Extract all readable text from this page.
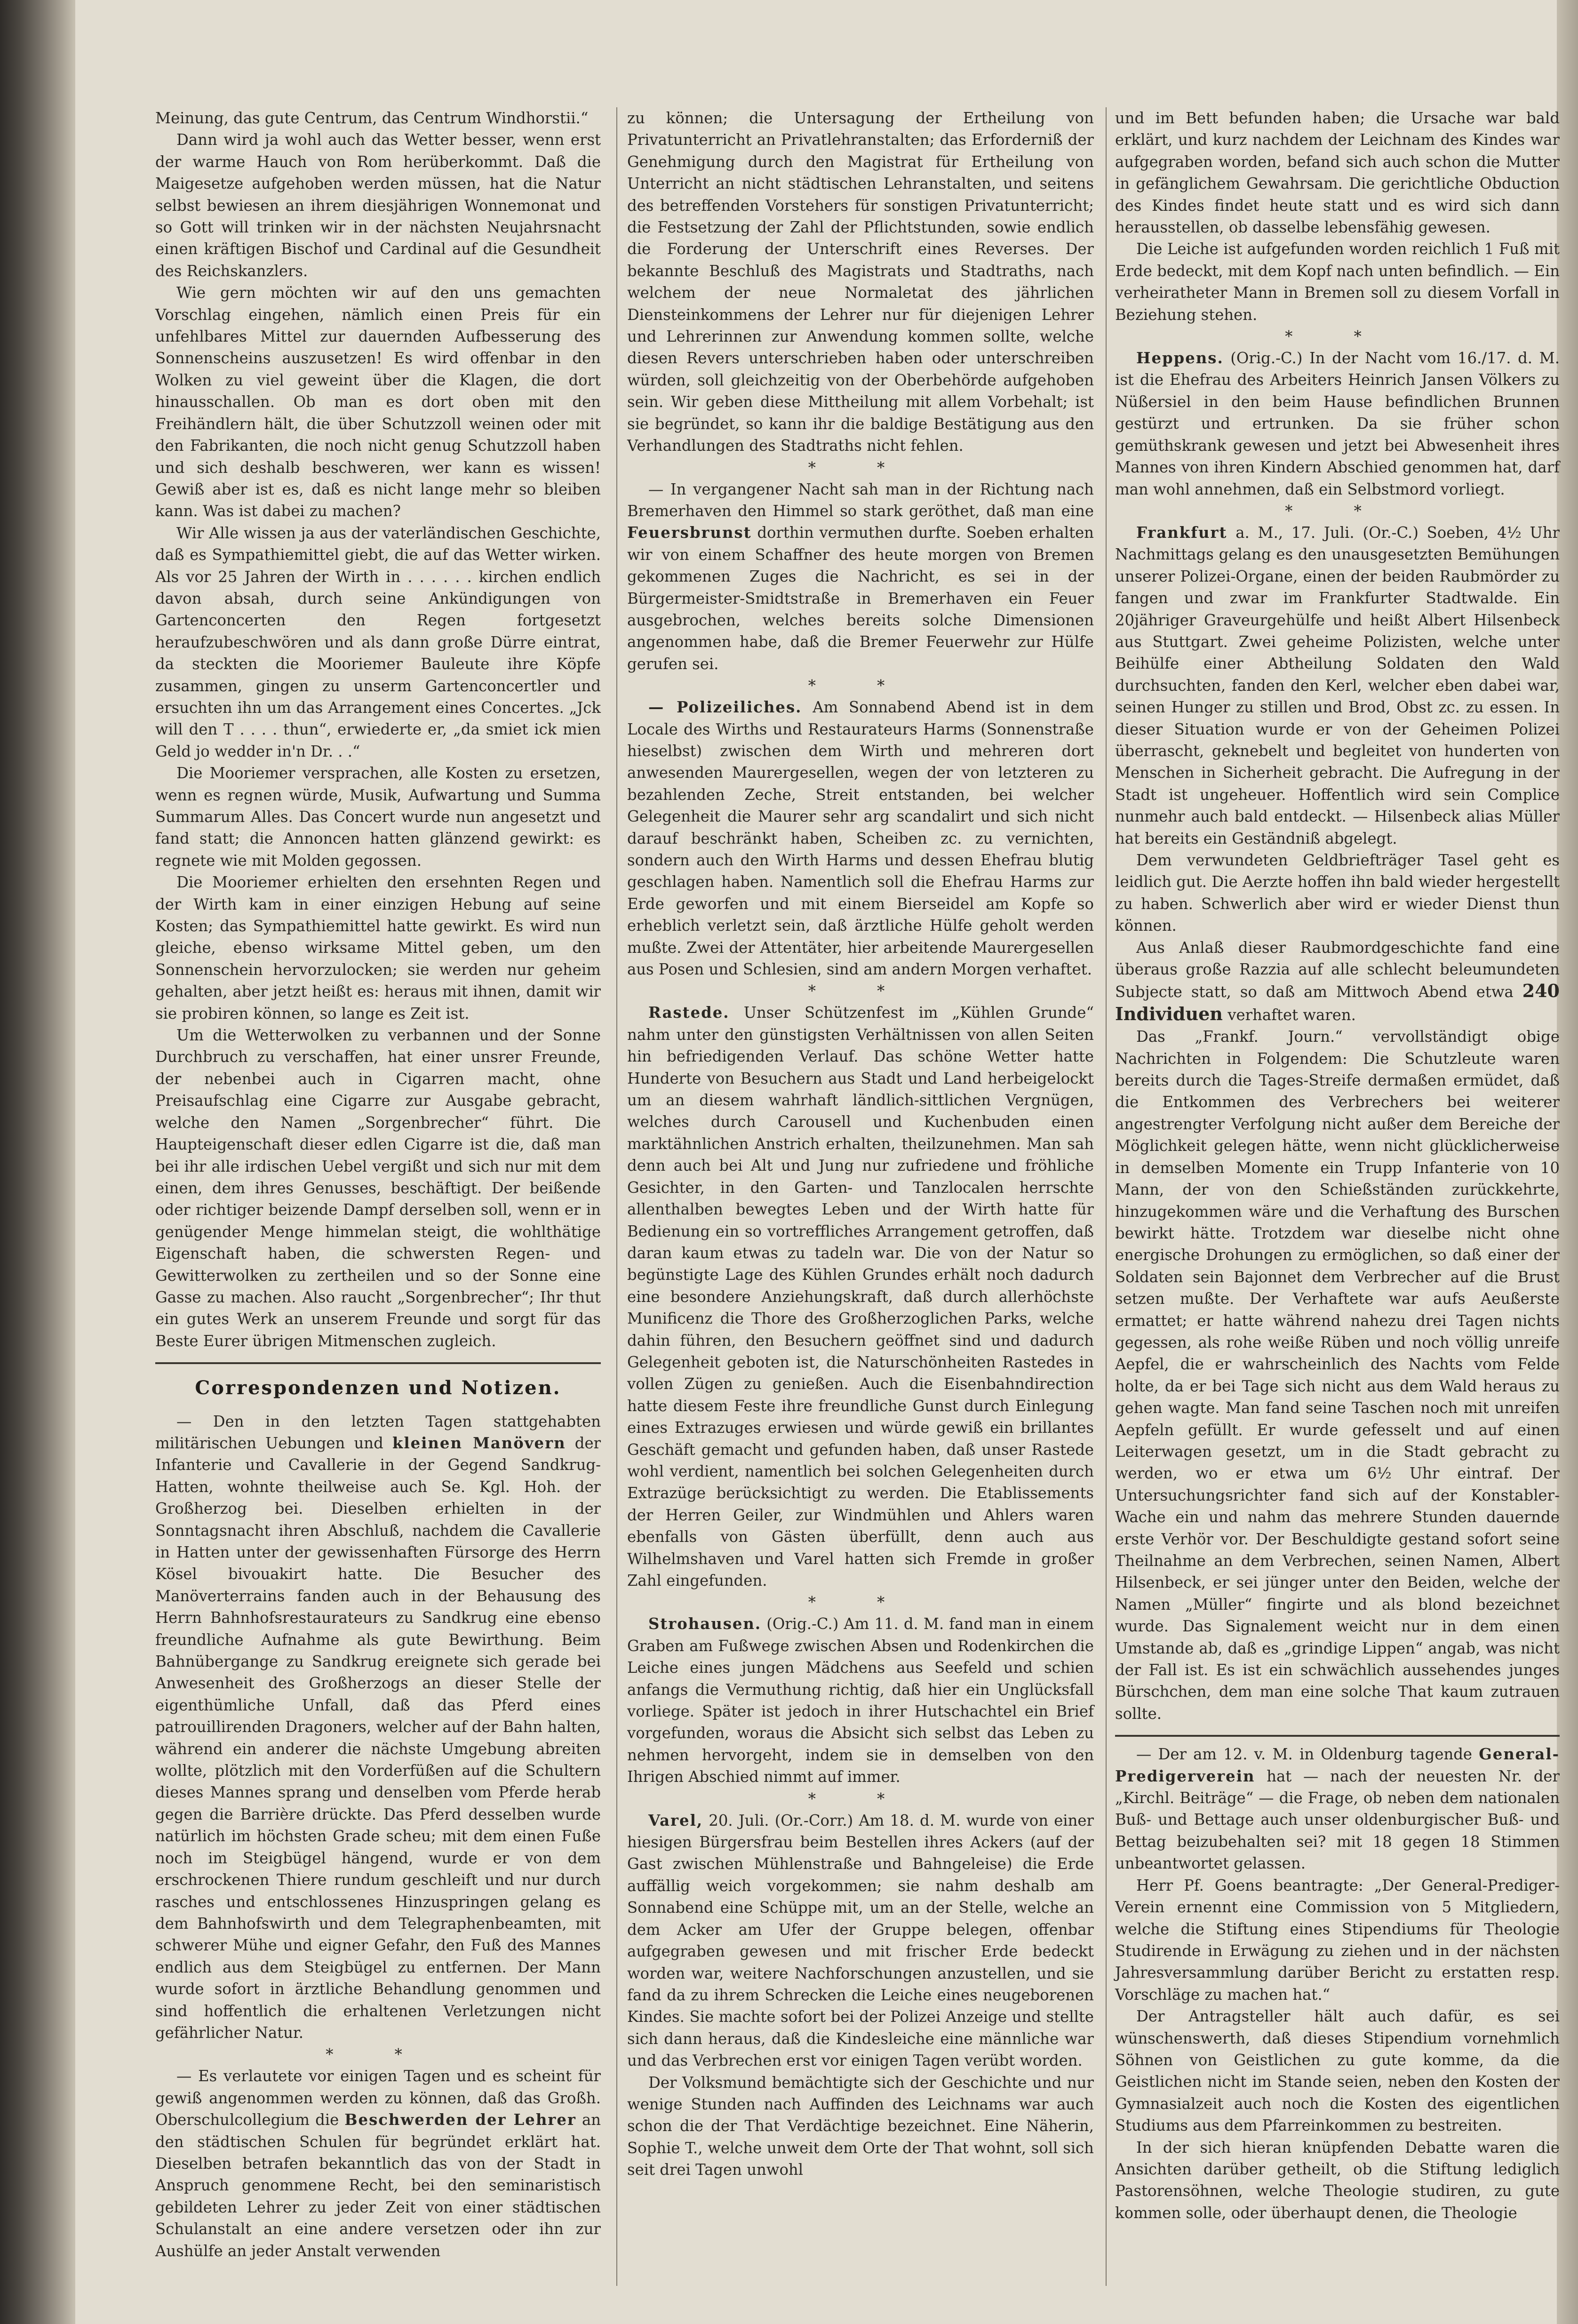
Meinung, das gute Centrum, das Centrum Windhorstii.“

Dann wird ja wohl auch das Wetter besser, wenn erst der warme Hauch von Rom herüberkommt. Daß die Maigesetze aufgehoben werden müssen, hat die Natur selbst bewiesen an ihrem diesjährigen Wonnemonat und so Gott will trinken wir in der nächsten Neujahrsnacht einen kräftigen Bischof und Cardinal auf die Gesundheit des Reichskanzlers.

Wie gern möchten wir auf den uns gemachten Vorschlag eingehen, nämlich einen Preis für ein unfehlbares Mittel zur dauernden Aufbesserung des Sonnenscheins auszusetzen! Es wird offenbar in den Wolken zu viel geweint über die Klagen, die dort hinausschallen. Ob man es dort oben mit den Freihändlern hält, die über Schutzzoll weinen oder mit den Fabrikanten, die noch nicht genug Schutzzoll haben und sich deshalb beschweren, wer kann es wissen! Gewiß aber ist es, daß es nicht lange mehr so bleiben kann. Was ist dabei zu machen?

Wir Alle wissen ja aus der vaterländischen Geschichte, daß es Sympathiemittel giebt, die auf das Wetter wirken. Als vor 25 Jahren der Wirth in . . . . . . kirchen endlich davon absah, durch seine Ankündigungen von Gartenconcerten den Regen fortgesetzt heraufzubeschwören und als dann große Dürre eintrat, da steckten die Mooriemer Bauleute ihre Köpfe zusammen, gingen zu unserm Gartenconcertler und ersuchten ihn um das Arrangement eines Concertes. „Jck will den T . . . . thun“, erwiederte er, „da smiet ick mien Geld jo wedder in'n Dr. . .“

Die Mooriemer versprachen, alle Kosten zu ersetzen, wenn es regnen würde, Musik, Aufwartung und Summa Summarum Alles. Das Concert wurde nun angesetzt und fand statt; die Annoncen hatten glänzend gewirkt: es regnete wie mit Molden gegossen.

Die Mooriemer erhielten den ersehnten Regen und der Wirth kam in einer einzigen Hebung auf seine Kosten; das Sympathiemittel hatte gewirkt. Es wird nun gleiche, ebenso wirksame Mittel geben, um den Sonnenschein hervorzulocken; sie werden nur geheim gehalten, aber jetzt heißt es: heraus mit ihnen, damit wir sie probiren können, so lange es Zeit ist.

Um die Wetterwolken zu verbannen und der Sonne Durchbruch zu verschaffen, hat einer unsrer Freunde, der nebenbei auch in Cigarren macht, ohne Preisaufschlag eine Cigarre zur Ausgabe gebracht, welche den Namen „Sorgenbrecher“ führt. Die Haupteigenschaft dieser edlen Cigarre ist die, daß man bei ihr alle irdischen Uebel vergißt und sich nur mit dem einen, dem ihres Genusses, beschäftigt. Der beißende oder richtiger beizende Dampf derselben soll, wenn er in genügender Menge himmelan steigt, die wohlthätige Eigenschaft haben, die schwersten Regen- und Gewitterwolken zu zertheilen und so der Sonne eine Gasse zu machen. Also raucht „Sorgenbrecher“; Ihr thut ein gutes Werk an unserem Freunde und sorgt für das Beste Eurer übrigen Mitmenschen zugleich.

Correspondenzen und Notizen.

— Den in den letzten Tagen stattgehabten militärischen Uebungen und kleinen Manövern der Infanterie und Cavallerie in der Gegend Sandkrug-Hatten, wohnte theilweise auch Se. Kgl. Hoh. der Großherzog bei. Dieselben erhielten in der Sonntagsnacht ihren Abschluß, nachdem die Cavallerie in Hatten unter der gewissenhaften Fürsorge des Herrn Kösel bivouakirt hatte. Die Besucher des Manöverterrains fanden auch in der Behausung des Herrn Bahnhofsrestaurateurs zu Sandkrug eine ebenso freundliche Aufnahme als gute Bewirthung. Beim Bahnübergange zu Sandkrug ereignete sich gerade bei Anwesenheit des Großherzogs an dieser Stelle der eigenthümliche Unfall, daß das Pferd eines patrouillirenden Dragoners, welcher auf der Bahn halten, während ein anderer die nächste Umgebung abreiten wollte, plötzlich mit den Vorderfüßen auf die Schultern dieses Mannes sprang und denselben vom Pferde herab gegen die Barrière drückte. Das Pferd desselben wurde natürlich im höchsten Grade scheu; mit dem einen Fuße noch im Steigbügel hängend, wurde er von dem erschrockenen Thiere rundum geschleift und nur durch rasches und entschlossenes Hinzuspringen gelang es dem Bahnhofswirth und dem Telegraphenbeamten, mit schwerer Mühe und eigner Gefahr, den Fuß des Mannes endlich aus dem Steigbügel zu entfernen. Der Mann wurde sofort in ärztliche Behandlung genommen und sind hoffentlich die erhaltenen Verletzungen nicht gefährlicher Natur.

* *

— Es verlautete vor einigen Tagen und es scheint für gewiß angenommen werden zu können, daß das Großh. Oberschulcollegium die Beschwerden der Lehrer an den städtischen Schulen für begründet erklärt hat. Dieselben betrafen bekanntlich das von der Stadt in Anspruch genommene Recht, bei den seminaristisch gebildeten Lehrer zu jeder Zeit von einer städtischen Schulanstalt an eine andere versetzen oder ihn zur Aushülfe an jeder Anstalt verwenden

zu können; die Untersagung der Ertheilung von Privatunterricht an Privatlehranstalten; das Erforderniß der Genehmigung durch den Magistrat für Ertheilung von Unterricht an nicht städtischen Lehranstalten, und seitens des betreffenden Vorstehers für sonstigen Privatunterricht; die Festsetzung der Zahl der Pflichtstunden, sowie endlich die Forderung der Unterschrift eines Reverses. Der bekannte Beschluß des Magistrats und Stadtraths, nach welchem der neue Normaletat des jährlichen Diensteinkommens der Lehrer nur für diejenigen Lehrer und Lehrerinnen zur Anwendung kommen sollte, welche diesen Revers unterschrieben haben oder unterschreiben würden, soll gleichzeitig von der Oberbehörde aufgehoben sein. Wir geben diese Mittheilung mit allem Vorbehalt; ist sie begründet, so kann ihr die baldige Bestätigung aus den Verhandlungen des Stadtraths nicht fehlen.

* *

— In vergangener Nacht sah man in der Richtung nach Bremerhaven den Himmel so stark geröthet, daß man eine Feuersbrunst dorthin vermuthen durfte. Soeben erhalten wir von einem Schaffner des heute morgen von Bremen gekommenen Zuges die Nachricht, es sei in der Bürgermeister-Smidtstraße in Bremerhaven ein Feuer ausgebrochen, welches bereits solche Dimensionen angenommen habe, daß die Bremer Feuerwehr zur Hülfe gerufen sei.

* *

— Polizeiliches. Am Sonnabend Abend ist in dem Locale des Wirths und Restaurateurs Harms (Sonnenstraße hieselbst) zwischen dem Wirth und mehreren dort anwesenden Maurergesellen, wegen der von letzteren zu bezahlenden Zeche, Streit entstanden, bei welcher Gelegenheit die Maurer sehr arg scandalirt und sich nicht darauf beschränkt haben, Scheiben zc. zu vernichten, sondern auch den Wirth Harms und dessen Ehefrau blutig geschlagen haben. Namentlich soll die Ehefrau Harms zur Erde geworfen und mit einem Bierseidel am Kopfe so erheblich verletzt sein, daß ärztliche Hülfe geholt werden mußte. Zwei der Attentäter, hier arbeitende Maurergesellen aus Posen und Schlesien, sind am andern Morgen verhaftet.

* *

Rastede. Unser Schützenfest im „Kühlen Grunde“ nahm unter den günstigsten Verhältnissen von allen Seiten hin befriedigenden Verlauf. Das schöne Wetter hatte Hunderte von Besuchern aus Stadt und Land herbeigelockt um an diesem wahrhaft ländlich-sittlichen Vergnügen, welches durch Carousell und Kuchenbuden einen marktähnlichen Anstrich erhalten, theilzunehmen. Man sah denn auch bei Alt und Jung nur zufriedene und fröhliche Gesichter, in den Garten- und Tanzlocalen herrschte allenthalben bewegtes Leben und der Wirth hatte für Bedienung ein so vortreffliches Arrangement getroffen, daß daran kaum etwas zu tadeln war. Die von der Natur so begünstigte Lage des Kühlen Grundes erhält noch dadurch eine besondere Anziehungskraft, daß durch allerhöchste Munificenz die Thore des Großherzoglichen Parks, welche dahin führen, den Besuchern geöffnet sind und dadurch Gelegenheit geboten ist, die Naturschönheiten Rastedes in vollen Zügen zu genießen. Auch die Eisenbahndirection hatte diesem Feste ihre freundliche Gunst durch Einlegung eines Extrazuges erwiesen und würde gewiß ein brillantes Geschäft gemacht und gefunden haben, daß unser Rastede wohl verdient, namentlich bei solchen Gelegenheiten durch Extrazüge berücksichtigt zu werden. Die Etablissements der Herren Geiler, zur Windmühlen und Ahlers waren ebenfalls von Gästen überfüllt, denn auch aus Wilhelmshaven und Varel hatten sich Fremde in großer Zahl eingefunden.

* *

Strohausen. (Orig.-C.) Am 11. d. M. fand man in einem Graben am Fußwege zwischen Absen und Rodenkirchen die Leiche eines jungen Mädchens aus Seefeld und schien anfangs die Vermuthung richtig, daß hier ein Unglücksfall vorliege. Später ist jedoch in ihrer Hutschachtel ein Brief vorgefunden, woraus die Absicht sich selbst das Leben zu nehmen hervorgeht, indem sie in demselben von den Ihrigen Abschied nimmt auf immer.

* *

Varel, 20. Juli. (Or.-Corr.) Am 18. d. M. wurde von einer hiesigen Bürgersfrau beim Bestellen ihres Ackers (auf der Gast zwischen Mühlenstraße und Bahngeleise) die Erde auffällig weich vorgekommen; sie nahm deshalb am Sonnabend eine Schüppe mit, um an der Stelle, welche an dem Acker am Ufer der Gruppe belegen, offenbar aufgegraben gewesen und mit frischer Erde bedeckt worden war, weitere Nachforschungen anzustellen, und sie fand da zu ihrem Schrecken die Leiche eines neugeborenen Kindes. Sie machte sofort bei der Polizei Anzeige und stellte sich dann heraus, daß die Kindesleiche eine männliche war und das Verbrechen erst vor einigen Tagen verübt worden.

Der Volksmund bemächtigte sich der Geschichte und nur wenige Stunden nach Auffinden des Leichnams war auch schon die der That Verdächtige bezeichnet. Eine Näherin, Sophie T., welche unweit dem Orte der That wohnt, soll sich seit drei Tagen unwohl

und im Bett befunden haben; die Ursache war bald erklärt, und kurz nachdem der Leichnam des Kindes war aufgegraben worden, befand sich auch schon die Mutter in gefänglichem Gewahrsam. Die gerichtliche Obduction des Kindes findet heute statt und es wird sich dann herausstellen, ob dasselbe lebensfähig gewesen.

Die Leiche ist aufgefunden worden reichlich 1 Fuß mit Erde bedeckt, mit dem Kopf nach unten befindlich. — Ein verheiratheter Mann in Bremen soll zu diesem Vorfall in Beziehung stehen.

* *

Heppens. (Orig.-C.) In der Nacht vom 16./17. d. M. ist die Ehefrau des Arbeiters Heinrich Jansen Völkers zu Nüßersiel in den beim Hause befindlichen Brunnen gestürzt und ertrunken. Da sie früher schon gemüthskrank gewesen und jetzt bei Abwesenheit ihres Mannes von ihren Kindern Abschied genommen hat, darf man wohl annehmen, daß ein Selbstmord vorliegt.

* *

Frankfurt a. M., 17. Juli. (Or.-C.) Soeben, 4½ Uhr Nachmittags gelang es den unausgesetzten Bemühungen unserer Polizei-Organe, einen der beiden Raubmörder zu fangen und zwar im Frankfurter Stadtwalde. Ein 20jähriger Graveurgehülfe und heißt Albert Hilsenbeck aus Stuttgart. Zwei geheime Polizisten, welche unter Beihülfe einer Abtheilung Soldaten den Wald durchsuchten, fanden den Kerl, welcher eben dabei war, seinen Hunger zu stillen und Brod, Obst zc. zu essen. In dieser Situation wurde er von der Geheimen Polizei überrascht, geknebelt und begleitet von hunderten von Menschen in Sicherheit gebracht. Die Aufregung in der Stadt ist ungeheuer. Hoffentlich wird sein Complice nunmehr auch bald entdeckt. — Hilsenbeck alias Müller hat bereits ein Geständniß abgelegt.

Dem verwundeten Geldbriefträger Tasel geht es leidlich gut. Die Aerzte hoffen ihn bald wieder hergestellt zu haben. Schwerlich aber wird er wieder Dienst thun können.

Aus Anlaß dieser Raubmordgeschichte fand eine überaus große Razzia auf alle schlecht beleumundeten Subjecte statt, so daß am Mittwoch Abend etwa 240 Individuen verhaftet waren.

Das „Frankf. Journ.“ vervollständigt obige Nachrichten in Folgendem: Die Schutzleute waren bereits durch die Tages-Streife dermaßen ermüdet, daß die Entkommen des Verbrechers bei weiterer angestrengter Verfolgung nicht außer dem Bereiche der Möglichkeit gelegen hätte, wenn nicht glücklicherweise in demselben Momente ein Trupp Infanterie von 10 Mann, der von den Schießständen zurückkehrte, hinzugekommen wäre und die Verhaftung des Burschen bewirkt hätte. Trotzdem war dieselbe nicht ohne energische Drohungen zu ermöglichen, so daß einer der Soldaten sein Bajonnet dem Verbrecher auf die Brust setzen mußte. Der Verhaftete war aufs Aeußerste ermattet; er hatte während nahezu drei Tagen nichts gegessen, als rohe weiße Rüben und noch völlig unreife Aepfel, die er wahrscheinlich des Nachts vom Felde holte, da er bei Tage sich nicht aus dem Wald heraus zu gehen wagte. Man fand seine Taschen noch mit unreifen Aepfeln gefüllt. Er wurde gefesselt und auf einen Leiterwagen gesetzt, um in die Stadt gebracht zu werden, wo er etwa um 6½ Uhr eintraf. Der Untersuchungsrichter fand sich auf der Konstabler-Wache ein und nahm das mehrere Stunden dauernde erste Verhör vor. Der Beschuldigte gestand sofort seine Theilnahme an dem Verbrechen, seinen Namen, Albert Hilsenbeck, er sei jünger unter den Beiden, welche der Namen „Müller“ fingirte und als blond bezeichnet wurde. Das Signalement weicht nur in dem einen Umstande ab, daß es „grindige Lippen“ angab, was nicht der Fall ist. Es ist ein schwächlich aussehendes junges Bürschchen, dem man eine solche That kaum zutrauen sollte.

— Der am 12. v. M. in Oldenburg tagende General-Predigerverein hat — nach der neuesten Nr. der „Kirchl. Beiträge“ — die Frage, ob neben dem nationalen Buß- und Bettage auch unser oldenburgischer Buß- und Bettag beizubehalten sei? mit 18 gegen 18 Stimmen unbeantwortet gelassen.

Herr Pf. Goens beantragte: „Der General-Prediger-Verein ernennt eine Commission von 5 Mitgliedern, welche die Stiftung eines Stipendiums für Theologie Studirende in Erwägung zu ziehen und in der nächsten Jahresversammlung darüber Bericht zu erstatten resp. Vorschläge zu machen hat.“

Der Antragsteller hält auch dafür, es sei wünschenswerth, daß dieses Stipendium vornehmlich Söhnen von Geistlichen zu gute komme, da die Geistlichen nicht im Stande seien, neben den Kosten der Gymnasialzeit auch noch die Kosten des eigentlichen Studiums aus dem Pfarreinkommen zu bestreiten.

In der sich hieran knüpfenden Debatte waren die Ansichten darüber getheilt, ob die Stiftung lediglich Pastorensöhnen, welche Theologie studiren, zu gute kommen solle, oder überhaupt denen, die Theologie
